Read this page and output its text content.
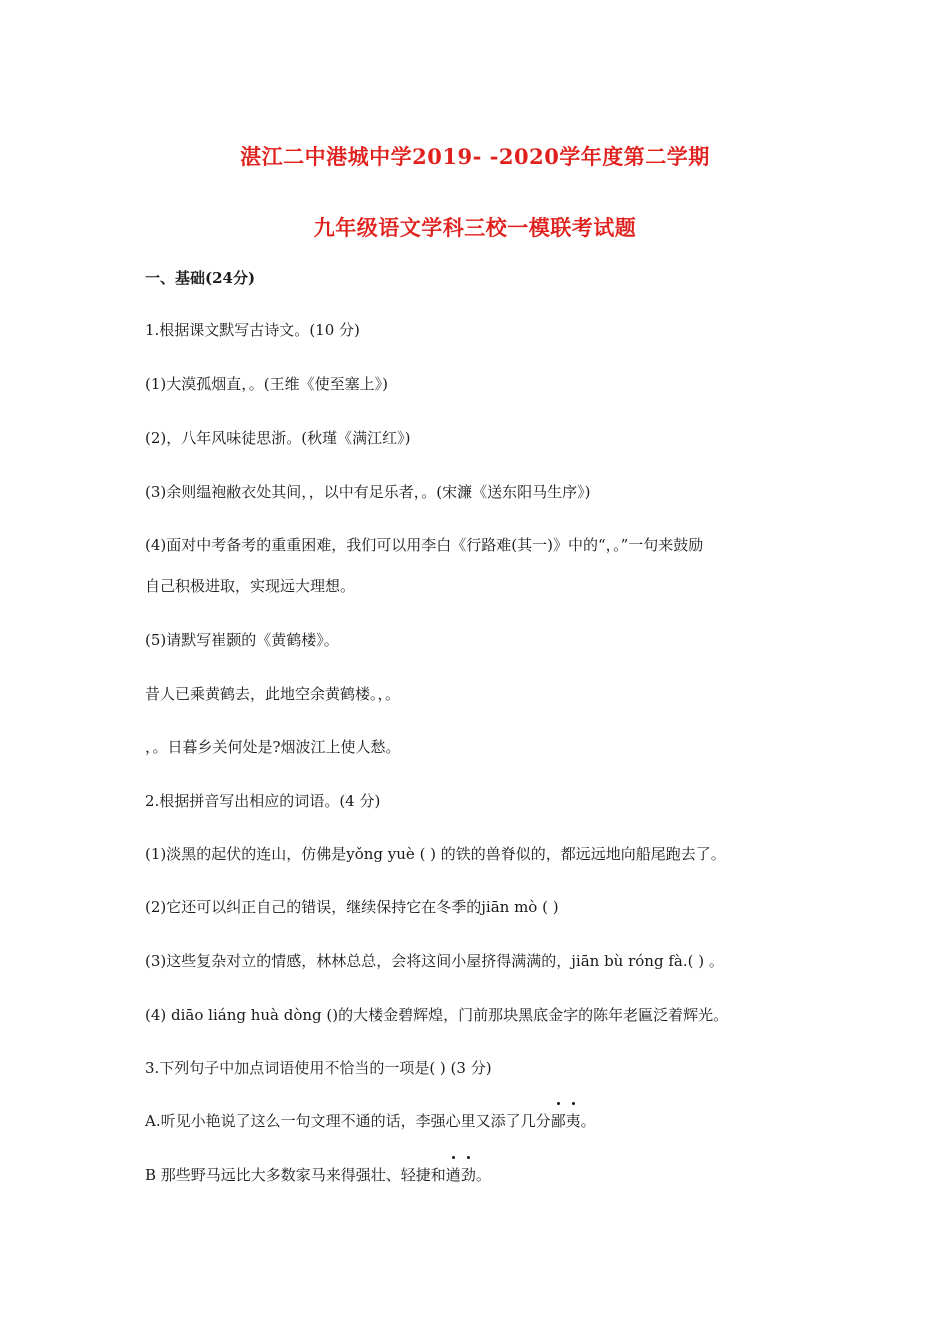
湛江二中港城中学2019- -2020学年度第二学期
九年级语文学科三校一模联考试题
一、基础(24分)
1.根据课文默写古诗文。(10 分)
(1)大漠孤烟直，。(王维《使至塞上》)
(2)，八年风味徒思浙。(秋瑾《满江红》)
(3)余则缊袍敝衣处其间，，以中有足乐者，。(宋濂《送东阳马生序》)
(4)面对中考备考的重重困难，我们可以用李白《行路难(其一)》中的“，。”一句来鼓励
自己积极进取，实现远大理想。
(5)请默写崔颢的《黄鹤楼》。
昔人已乘黄鹤去，此地空余黄鹤楼。，。
，。日暮乡关何处是?烟波江上使人愁。
2.根据拼音写出相应的词语。(4 分)
(1)淡黑的起伏的连山，仿佛是yǒng yuè ( ) 的铁的兽脊似的，都远远地向船尾跑去了。
(2)它还可以纠正自己的错误，继续保持它在冬季的jiān mò ( )
(3)这些复杂对立的情感，林林总总，会将这间小屋挤得满满的，jiān bù róng fà.( ) 。
(4) diāo liáng huà dòng ()的大楼金碧辉煌，门前那块黑底金字的陈年老匾泛着辉光。
3.下列句子中加点词语使用不恰当的一项是( ) (3 分)
A.听见小艳说了这么一句文理不通的话，李强心里又添了几分鄙夷。
B 那些野马远比大多数家马来得强壮、轻捷和遒劲。
